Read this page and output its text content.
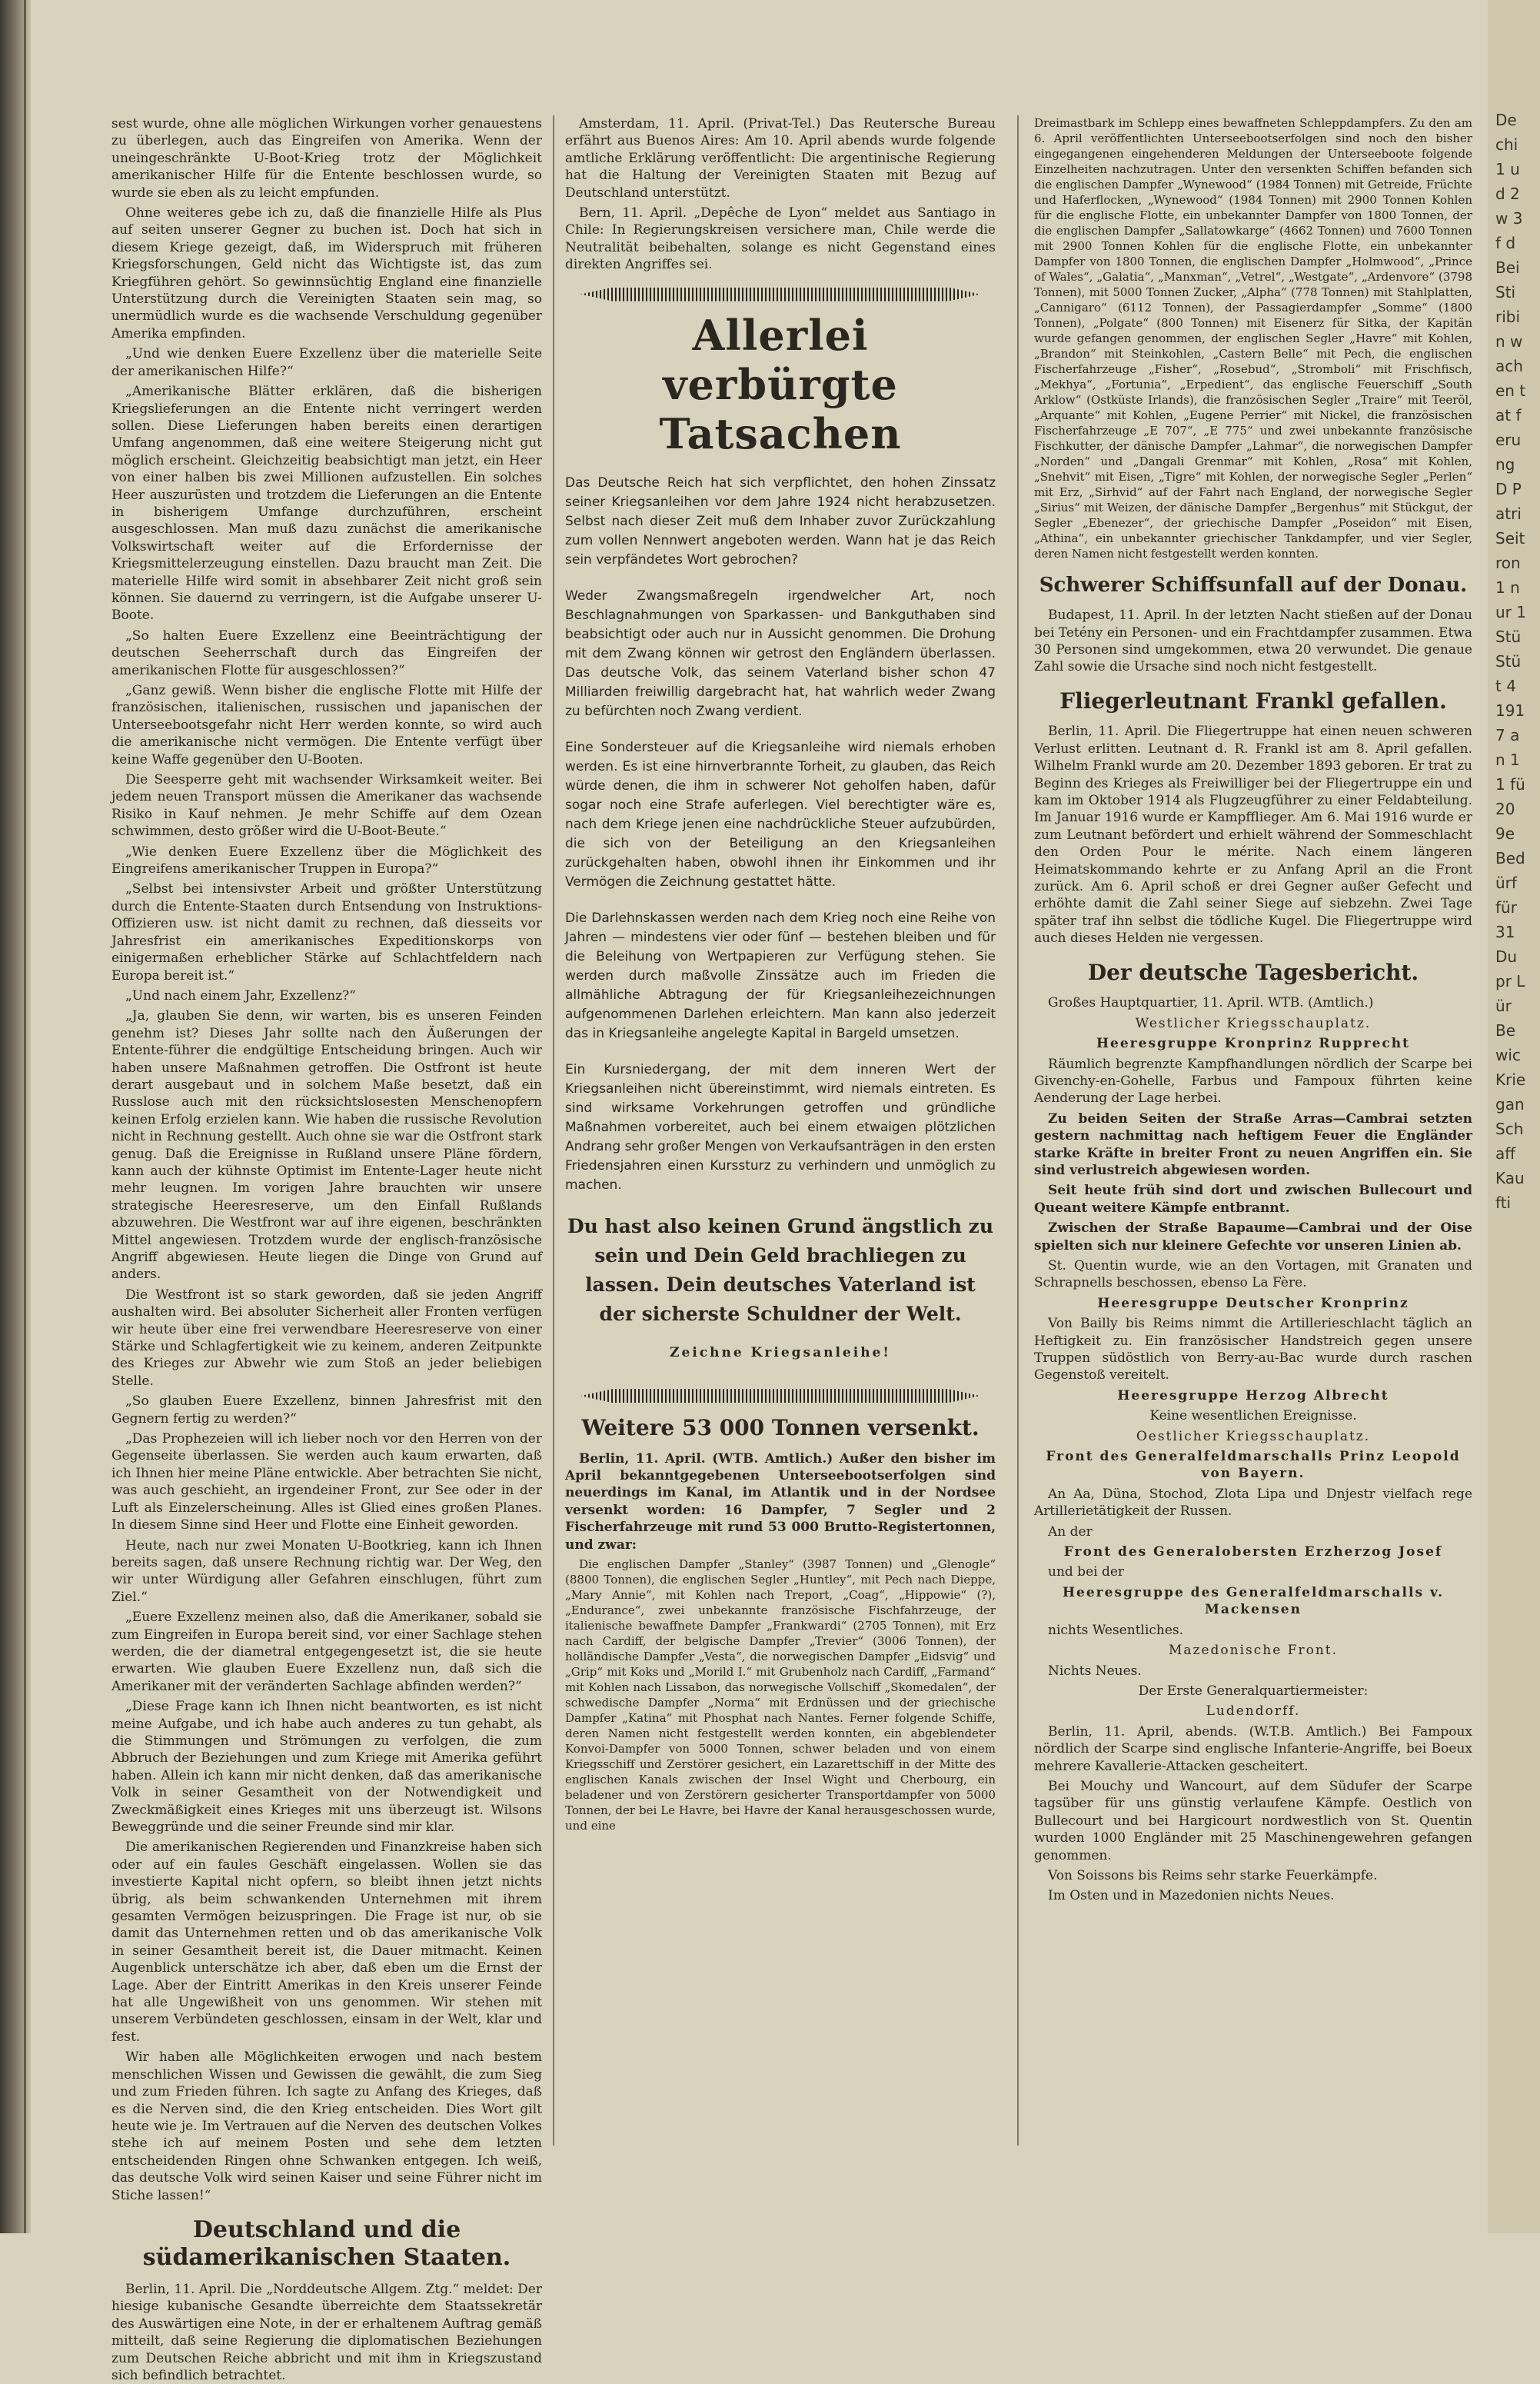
De chi 1 ud 2 w 3f d Bei Sti ribin wachen tat ferung D Patri Seit ron 1 nur 1 Stü Stüt 4 1917 an 1 1 fü 20 9e Bedürf für 31 Dupr Lür Bewic Kriegan Schaff Kaufti

sest wurde, ohne alle möglichen Wirkungen vorher genauestens zu überlegen, auch das Eingreifen von Amerika. Wenn der uneingeschränkte U-Boot-Krieg trotz der Möglichkeit amerikanischer Hilfe für die Entente beschlossen wurde, so wurde sie eben als zu leicht empfunden.

Ohne weiteres gebe ich zu, daß die finanzielle Hilfe als Plus auf seiten unserer Gegner zu buchen ist. Doch hat sich in diesem Kriege gezeigt, daß, im Widerspruch mit früheren Kriegsforschungen, Geld nicht das Wichtigste ist, das zum Kriegführen gehört. So gewinnsüchtig England eine finanzielle Unterstützung durch die Vereinigten Staaten sein mag, so unermüdlich wurde es die wachsende Verschuldung gegenüber Amerika empfinden.

„Und wie denken Euere Exzellenz über die materielle Seite der amerikanischen Hilfe?“

„Amerikanische Blätter erklären, daß die bisherigen Kriegslieferungen an die Entente nicht verringert werden sollen. Diese Lieferungen haben bereits einen derartigen Umfang angenommen, daß eine weitere Steigerung nicht gut möglich erscheint. Gleichzeitig beabsichtigt man jetzt, ein Heer von einer halben bis zwei Millionen aufzustellen. Ein solches Heer auszurüsten und trotzdem die Lieferungen an die Entente in bisherigem Umfange durchzuführen, erscheint ausgeschlossen. Man muß dazu zunächst die amerikanische Volkswirtschaft weiter auf die Erfordernisse der Kriegsmittelerzeugung einstellen. Dazu braucht man Zeit. Die materielle Hilfe wird somit in absehbarer Zeit nicht groß sein können. Sie dauernd zu verringern, ist die Aufgabe unserer U-Boote.

„So halten Euere Exzellenz eine Beeinträchtigung der deutschen Seeherrschaft durch das Eingreifen der amerikanischen Flotte für ausgeschlossen?“

„Ganz gewiß. Wenn bisher die englische Flotte mit Hilfe der französischen, italienischen, russischen und japanischen der Unterseebootsgefahr nicht Herr werden konnte, so wird auch die amerikanische nicht vermögen. Die Entente verfügt über keine Waffe gegenüber den U-Booten.

Die Seesperre geht mit wachsender Wirksamkeit weiter. Bei jedem neuen Transport müssen die Amerikaner das wachsende Risiko in Kauf nehmen. Je mehr Schiffe auf dem Ozean schwimmen, desto größer wird die U-Boot-Beute.“

„Wie denken Euere Exzellenz über die Möglichkeit des Eingreifens amerikanischer Truppen in Europa?“

„Selbst bei intensivster Arbeit und größter Unterstützung durch die Entente-Staaten durch Entsendung von Instruktions-Offizieren usw. ist nicht damit zu rechnen, daß diesseits vor Jahresfrist ein amerikanisches Expeditionskorps von einigermaßen erheblicher Stärke auf Schlachtfeldern nach Europa bereit ist.“

„Und nach einem Jahr, Exzellenz?“

„Ja, glauben Sie denn, wir warten, bis es unseren Feinden genehm ist? Dieses Jahr sollte nach den Äußerungen der Entente-führer die endgültige Entscheidung bringen. Auch wir haben unsere Maßnahmen getroffen. Die Ostfront ist heute derart ausgebaut und in solchem Maße besetzt, daß ein Russlose auch mit den rücksichtslosesten Menschenopfern keinen Erfolg erzielen kann. Wie haben die russische Revolution nicht in Rechnung gestellt. Auch ohne sie war die Ostfront stark genug. Daß die Ereignisse in Rußland unsere Pläne fördern, kann auch der kühnste Optimist im Entente-Lager heute nicht mehr leugnen. Im vorigen Jahre brauchten wir unsere strategische Heeresreserve, um den Einfall Rußlands abzuwehren. Die Westfront war auf ihre eigenen, beschränkten Mittel angewiesen. Trotzdem wurde der englisch-französische Angriff abgewiesen. Heute liegen die Dinge von Grund auf anders.

Die Westfront ist so stark geworden, daß sie jeden Angriff aushalten wird. Bei absoluter Sicherheit aller Fronten verfügen wir heute über eine frei verwendbare Heeresreserve von einer Stärke und Schlagfertigkeit wie zu keinem, anderen Zeitpunkte des Krieges zur Abwehr wie zum Stoß an jeder beliebigen Stelle.

„So glauben Euere Exzellenz, binnen Jahresfrist mit den Gegnern fertig zu werden?“

„Das Prophezeien will ich lieber noch vor den Herren von der Gegenseite überlassen. Sie werden auch kaum erwarten, daß ich Ihnen hier meine Pläne entwickle. Aber betrachten Sie nicht, was auch geschieht, an irgendeiner Front, zur See oder in der Luft als Einzelerscheinung. Alles ist Glied eines großen Planes. In diesem Sinne sind Heer und Flotte eine Einheit geworden.

Heute, nach nur zwei Monaten U-Bootkrieg, kann ich Ihnen bereits sagen, daß unsere Rechnung richtig war. Der Weg, den wir unter Würdigung aller Gefahren einschlugen, führt zum Ziel.“

„Euere Exzellenz meinen also, daß die Amerikaner, sobald sie zum Eingreifen in Europa bereit sind, vor einer Sachlage stehen werden, die der diametral entgegengesetzt ist, die sie heute erwarten. Wie glauben Euere Exzellenz nun, daß sich die Amerikaner mit der veränderten Sachlage abfinden werden?“

„Diese Frage kann ich Ihnen nicht beantworten, es ist nicht meine Aufgabe, und ich habe auch anderes zu tun gehabt, als die Stimmungen und Strömungen zu verfolgen, die zum Abbruch der Beziehungen und zum Kriege mit Amerika geführt haben. Allein ich kann mir nicht denken, daß das amerikanische Volk in seiner Gesamtheit von der Notwendigkeit und Zweckmäßigkeit eines Krieges mit uns überzeugt ist. Wilsons Beweggründe und die seiner Freunde sind mir klar.

Die amerikanischen Regierenden und Finanzkreise haben sich oder auf ein faules Geschäft eingelassen. Wollen sie das investierte Kapital nicht opfern, so bleibt ihnen jetzt nichts übrig, als beim schwankenden Unternehmen mit ihrem gesamten Vermögen beizuspringen. Die Frage ist nur, ob sie damit das Unternehmen retten und ob das amerikanische Volk in seiner Gesamtheit bereit ist, die Dauer mitmacht. Keinen Augenblick unterschätze ich aber, daß eben um die Ernst der Lage. Aber der Eintritt Amerikas in den Kreis unserer Feinde hat alle Ungewißheit von uns genommen. Wir stehen mit unserem Verbündeten geschlossen, einsam in der Welt, klar und fest.

Wir haben alle Möglichkeiten erwogen und nach bestem menschlichen Wissen und Gewissen die gewählt, die zum Sieg und zum Frieden führen. Ich sagte zu Anfang des Krieges, daß es die Nerven sind, die den Krieg entscheiden. Dies Wort gilt heute wie je. Im Vertrauen auf die Nerven des deutschen Volkes stehe ich auf meinem Posten und sehe dem letzten entscheidenden Ringen ohne Schwanken entgegen. Ich weiß, das deutsche Volk wird seinen Kaiser und seine Führer nicht im Stiche lassen!“

Deutschland und die südamerikanischen Staaten.

Berlin, 11. April. Die „Norddeutsche Allgem. Ztg.“ meldet: Der hiesige kubanische Gesandte überreichte dem Staatssekretär des Auswärtigen eine Note, in der er erhaltenem Auftrag gemäß mitteilt, daß seine Regierung die diplomatischen Beziehungen zum Deutschen Reiche abbricht und mit ihm in Kriegszustand sich befindlich betrachtet.

Amsterdam, 11. April. (Privat-Tel.) Das Reutersche Bureau erfährt aus Buenos Aires: Am 10. April abends wurde folgende amtliche Erklärung veröffentlicht: Die argentinische Regierung hat die Haltung der Vereinigten Staaten mit Bezug auf Deutschland unterstützt.

Bern, 11. April. „Depêche de Lyon“ meldet aus Santiago in Chile: In Regierungskreisen versichere man, Chile werde die Neutralität beibehalten, solange es nicht Gegenstand eines direkten Angriffes sei.

Allerlei
verbürgte Tatsachen
Das Deutsche Reich hat sich verpflichtet, den hohen Zinssatz seiner Kriegsanleihen vor dem Jahre 1924 nicht herabzusetzen. Selbst nach dieser Zeit muß dem Inhaber zuvor Zurückzahlung zum vollen Nennwert angeboten werden. Wann hat je das Reich sein verpfändetes Wort gebrochen?
Weder Zwangsmaßregeln irgendwelcher Art, noch Beschlagnahmungen von Sparkassen- und Bankguthaben sind beabsichtigt oder auch nur in Aussicht genommen. Die Drohung mit dem Zwang können wir getrost den Engländern überlassen. Das deutsche Volk, das seinem Vaterland bisher schon 47 Milliarden freiwillig dargebracht hat, hat wahrlich weder Zwang zu befürchten noch Zwang verdient.
Eine Sondersteuer auf die Kriegsanleihe wird niemals erhoben werden. Es ist eine hirnverbrannte Torheit, zu glauben, das Reich würde denen, die ihm in schwerer Not geholfen haben, dafür sogar noch eine Strafe auferlegen. Viel berechtigter wäre es, nach dem Kriege jenen eine nachdrückliche Steuer aufzubürden, die sich von der Beteiligung an den Kriegsanleihen zurückgehalten haben, obwohl ihnen ihr Einkommen und ihr Vermögen die Zeichnung gestattet hätte.
Die Darlehnskassen werden nach dem Krieg noch eine Reihe von Jahren — mindestens vier oder fünf — bestehen bleiben und für die Beleihung von Wertpapieren zur Verfügung stehen. Sie werden durch maßvolle Zinssätze auch im Frieden die allmähliche Abtragung der für Kriegsanleihezeichnungen aufgenommenen Darlehen erleichtern. Man kann also jederzeit das in Kriegsanleihe angelegte Kapital in Bargeld umsetzen.
Ein Kursniedergang, der mit dem inneren Wert der Kriegsanleihen nicht übereinstimmt, wird niemals eintreten. Es sind wirksame Vorkehrungen getroffen und gründliche Maßnahmen vorbereitet, auch bei einem etwaigen plötzlichen Andrang sehr großer Mengen von Verkaufsanträgen in den ersten Friedensjahren einen Kurssturz zu verhindern und unmöglich zu machen.
Du hast also keinen Grund ängstlich zu sein und Dein Geld brachliegen zu lassen. Dein deutsches Vaterland ist der sicherste Schuldner der Welt.
Zeichne Kriegsanleihe!
Weitere 53 000 Tonnen versenkt.

Berlin, 11. April. (WTB. Amtlich.) Außer den bisher im April bekanntgegebenen Unterseebootserfolgen sind neuerdings im Kanal, im Atlantik und in der Nordsee versenkt worden: 16 Dampfer, 7 Segler und 2 Fischerfahrzeuge mit rund 53 000 Brutto-Registertonnen, und zwar:

Die englischen Dampfer „Stanley“ (3987 Tonnen) und „Glenogle“ (8800 Tonnen), die englischen Segler „Huntley“, mit Pech nach Dieppe, „Mary Annie“, mit Kohlen nach Treport, „Coag“, „Hippowie“ (?), „Endurance“, zwei unbekannte französische Fischfahrzeuge, der italienische bewaffnete Dampfer „Frankwardi“ (2705 Tonnen), mit Erz nach Cardiff, der belgische Dampfer „Trevier“ (3006 Tonnen), der holländische Dampfer „Vesta“, die norwegischen Dampfer „Eidsvig“ und „Grip“ mit Koks und „Morild I.“ mit Grubenholz nach Cardiff, „Farmand“ mit Kohlen nach Lissabon, das norwegische Vollschiff „Skomedalen“, der schwedische Dampfer „Norma“ mit Erdnüssen und der griechische Dampfer „Katina“ mit Phosphat nach Nantes. Ferner folgende Schiffe, deren Namen nicht festgestellt werden konnten, ein abgeblendeter Konvoi-Dampfer von 5000 Tonnen, schwer beladen und von einem Kriegsschiff und Zerstörer gesichert, ein Lazarettschiff in der Mitte des englischen Kanals zwischen der Insel Wight und Cherbourg, ein beladener und von Zerstörern gesicherter Transportdampfer von 5000 Tonnen, der bei Le Havre, bei Havre der Kanal herausgeschossen wurde, und eine

Dreimastbark im Schlepp eines bewaffneten Schleppdampfers. Zu den am 6. April veröffentlichten Unterseebootserfolgen sind noch den bisher eingegangenen eingehenderen Meldungen der Unterseeboote folgende Einzelheiten nachzutragen. Unter den versenkten Schiffen befanden sich die englischen Dampfer „Wynewood“ (1984 Tonnen) mit Getreide, Früchte und Haferflocken, „Wynewood“ (1984 Tonnen) mit 2900 Tonnen Kohlen für die englische Flotte, ein unbekannter Dampfer von 1800 Tonnen, der die englischen Dampfer „Sallatowkarge“ (4662 Tonnen) und 7600 Tonnen mit 2900 Tonnen Kohlen für die englische Flotte, ein unbekannter Dampfer von 1800 Tonnen, die englischen Dampfer „Holmwood“, „Prince of Wales“, „Galatia“, „Manxman“, „Vetrel“, „Westgate“, „Ardenvore“ (3798 Tonnen), mit 5000 Tonnen Zucker, „Alpha“ (778 Tonnen) mit Stahlplatten, „Cannigaro“ (6112 Tonnen), der Passagierdampfer „Somme“ (1800 Tonnen), „Polgate“ (800 Tonnen) mit Eisenerz für Sitka, der Kapitän wurde gefangen genommen, der englischen Segler „Havre“ mit Kohlen, „Brandon“ mit Steinkohlen, „Castern Belle“ mit Pech, die englischen Fischerfahrzeuge „Fisher“, „Rosebud“, „Stromboli“ mit Frischfisch, „Mekhya“, „Fortunia“, „Erpedient“, das englische Feuerschiff „South Arklow“ (Ostküste Irlands), die französischen Segler „Traire“ mit Teeröl, „Arquante“ mit Kohlen, „Eugene Perrier“ mit Nickel, die französischen Fischerfahrzeuge „E 707“, „E 775“ und zwei unbekannte französische Fischkutter, der dänische Dampfer „Lahmar“, die norwegischen Dampfer „Norden“ und „Dangali Grenmar“ mit Kohlen, „Rosa“ mit Kohlen, „Snehvit“ mit Eisen, „Tigre“ mit Kohlen, der norwegische Segler „Perlen“ mit Erz, „Sirhvid“ auf der Fahrt nach England, der norwegische Segler „Sirius“ mit Weizen, der dänische Dampfer „Bergenhus“ mit Stückgut, der Segler „Ebenezer“, der griechische Dampfer „Poseidon“ mit Eisen, „Athina“, ein unbekannter griechischer Tankdampfer, und vier Segler, deren Namen nicht festgestellt werden konnten.

Schwerer Schiffsunfall auf der Donau.

Budapest, 11. April. In der letzten Nacht stießen auf der Donau bei Tetény ein Personen- und ein Frachtdampfer zusammen. Etwa 30 Personen sind umgekommen, etwa 20 verwundet. Die genaue Zahl sowie die Ursache sind noch nicht festgestellt.

Fliegerleutnant Frankl gefallen.

Berlin, 11. April. Die Fliegertruppe hat einen neuen schweren Verlust erlitten. Leutnant d. R. Frankl ist am 8. April gefallen. Wilhelm Frankl wurde am 20. Dezember 1893 geboren. Er trat zu Beginn des Krieges als Freiwilliger bei der Fliegertruppe ein und kam im Oktober 1914 als Flugzeugführer zu einer Feldabteilung. Im Januar 1916 wurde er Kampfflieger. Am 6. Mai 1916 wurde er zum Leutnant befördert und erhielt während der Sommeschlacht den Orden Pour le mérite. Nach einem längeren Heimatskommando kehrte er zu Anfang April an die Front zurück. Am 6. April schoß er drei Gegner außer Gefecht und erhöhte damit die Zahl seiner Siege auf siebzehn. Zwei Tage später traf ihn selbst die tödliche Kugel. Die Fliegertruppe wird auch dieses Helden nie vergessen.

Der deutsche Tagesbericht.

Großes Hauptquartier, 11. April. WTB. (Amtlich.)

Westlicher Kriegsschauplatz.

Heeresgruppe Kronprinz Rupprecht

Räumlich begrenzte Kampfhandlungen nördlich der Scarpe bei Givenchy-en-Gohelle, Farbus und Fampoux führten keine Aenderung der Lage herbei.

Zu beiden Seiten der Straße Arras—Cambrai setzten gestern nachmittag nach heftigem Feuer die Engländer starke Kräfte in breiter Front zu neuen Angriffen ein. Sie sind verlustreich abgewiesen worden.

Seit heute früh sind dort und zwischen Bullecourt und Queant weitere Kämpfe entbrannt.

Zwischen der Straße Bapaume—Cambrai und der Oise spielten sich nur kleinere Gefechte vor unseren Linien ab.

St. Quentin wurde, wie an den Vortagen, mit Granaten und Schrapnells beschossen, ebenso La Fère.

Heeresgruppe Deutscher Kronprinz

Von Bailly bis Reims nimmt die Artillerieschlacht täglich an Heftigkeit zu. Ein französischer Handstreich gegen unsere Truppen südöstlich von Berry-au-Bac wurde durch raschen Gegenstoß vereitelt.

Heeresgruppe Herzog Albrecht

Keine wesentlichen Ereignisse.

Oestlicher Kriegsschauplatz.

Front des Generalfeldmarschalls Prinz Leopold von Bayern.

An Aa, Düna, Stochod, Zlota Lipa und Dnjestr vielfach rege Artillerietätigkeit der Russen.

An der

Front des Generalobersten Erzherzog Josef

und bei der

Heeresgruppe des Generalfeldmarschalls v. Mackensen

nichts Wesentliches.

Mazedonische Front.

Nichts Neues.

Der Erste Generalquartiermeister:

Ludendorff.

Berlin, 11. April, abends. (W.T.B. Amtlich.) Bei Fampoux nördlich der Scarpe sind englische Infanterie-Angriffe, bei Boeux mehrere Kavallerie-Attacken gescheitert.

Bei Mouchy und Wancourt, auf dem Südufer der Scarpe tagsüber für uns günstig verlaufene Kämpfe. Oestlich von Bullecourt und bei Hargicourt nordwestlich von St. Quentin wurden 1000 Engländer mit 25 Maschinengewehren gefangen genommen.

Von Soissons bis Reims sehr starke Feuerkämpfe.

Im Osten und in Mazedonien nichts Neues.
